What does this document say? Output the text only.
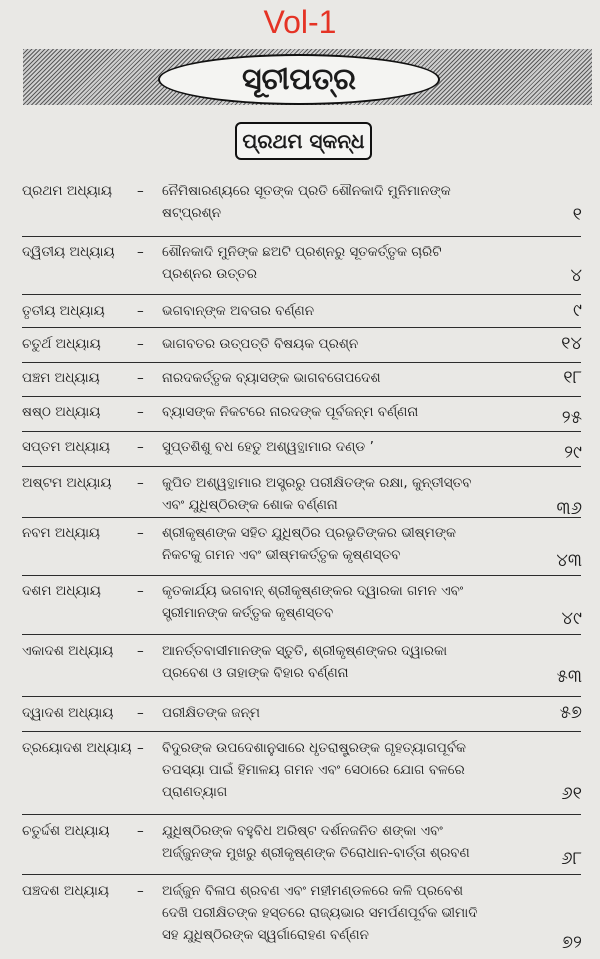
Vol-1
ସୂଚୀପତ୍ର
ପ୍ରଥମ ସ୍କନ୍ଧ
ପ୍ରଥମ ଅଧ୍ୟାୟ – ନୈମିଷାରଣ୍ୟରେ ସୂତଙ୍କ ପ୍ରତି ଶୌନକାଦି ମୁନିମାନଙ୍କ ଷଟ୍‌ପ୍ରଶ୍ନ	୧
ଦ୍ୱିତୀୟ ଅଧ୍ୟାୟ – ଶୌନକାଦି ମୁନିଙ୍କ ଛଅଟି ପ୍ରଶ୍ନରୁ ସୂତକର୍ତ୍ତୃକ ଚାରିଟି ପ୍ରଶ୍ନର ଉତ୍ତର	୪
ତୃତୀୟ ଅଧ୍ୟାୟ – ଭଗବାନ୍‌ଙ୍କ ଅବତାର ବର୍ଣ୍ଣନ	୯
ଚତୁର୍ଥ ଅଧ୍ୟାୟ	– ଭାଗବତର ଉତ୍ପତ୍ତି ବିଷୟକ ପ୍ରଶ୍ନ	୧୪
ପଞ୍ଚମ ଅଧ୍ୟାୟ	– ନାରଦକର୍ତ୍ତୃକ ବ୍ୟାସଙ୍କ ଭାଗବତୋପଦେଶ	୧୮
ଷଷ୍ଠ ଅଧ୍ୟାୟ	– ବ୍ୟାସଙ୍କ ନିକଟରେ ନାରଦଙ୍କ ପୂର୍ବଜନ୍ମ ବର୍ଣ୍ଣନା	୨୫
ସପ୍ତମ ଅଧ୍ୟାୟ – ସୁପ୍ତଶିଶୁ ବଧ ହେତୁ ଅଶ୍ୱତ୍ଥାମାର ଦଣ୍ଡ ’	୨୯
ଅଷ୍ଟମ ଅଧ୍ୟାୟ – କୁପିତ ଅଶ୍ୱତ୍ଥାମାର ଅସ୍ତ୍ରରୁ ପରୀକ୍ଷିତଙ୍କ ରକ୍ଷା, କୁନ୍ତୀସ୍ତବ ଏବଂ ଯୁଧିଷ୍ଠିରଙ୍କ ଶୋକ ବର୍ଣ୍ଣନା	୩୬
ନବମ ଅଧ୍ୟାୟ	– ଶ୍ରୀକୃଷ୍ଣଙ୍କ ସହିତ ଯୁଧିଷ୍ଠିର ପ୍ରଭୃତିଙ୍କର ଭୀଷ୍ମଙ୍କ ନିକଟକୁ ଗମନ ଏବଂ ଭୀଷ୍ମକର୍ତ୍ତୃକ କୃଷ୍ଣସ୍ତବ	୪୩
ଦଶମ ଅଧ୍ୟାୟ	– କୃତକାର୍ଯ୍ୟ ଭଗବାନ୍ ଶ୍ରୀକୃଷ୍ଣଙ୍କର ଦ୍ୱାରକା ଗମନ ଏବଂ ସ୍ତ୍ରୀମାନଙ୍କ କର୍ତ୍ତୃକ କୃଷ୍ଣସ୍ତବ	୪୯
ଏକାଦଶ ଅଧ୍ୟାୟ – ଆନର୍ତ୍ତବାସୀମାନଙ୍କ ସ୍ତୁତି, ଶ୍ରୀକୃଷ୍ଣଙ୍କର ଦ୍ୱାରକା ପ୍ରବେଶ ଓ ତାହାଙ୍କ ବିହାର ବର୍ଣ୍ଣନା	୫୩
ଦ୍ୱାଦଶ ଅଧ୍ୟାୟ – ପରୀକ୍ଷିତଙ୍କ ଜନ୍ମ	୫୭
ତ୍ରୟୋଦଶ ଅଧ୍ୟାୟ – ବିଦୁରଙ୍କ ଉପଦେଶାନୁସାରେ ଧୃତରାଷ୍ଟ୍ରଙ୍କ ଗୃହତ୍ୟାଗପୂର୍ବକ ତପସ୍ୟା ପାଇଁ ହିମାଳୟ ଗମନ ଏବଂ ସେଠାରେ ଯୋଗ ବଳରେ ପ୍ରାଣତ୍ୟାଗ	୬୧
ଚତୁର୍ଦ୍ଦଶ ଅଧ୍ୟାୟ – ଯୁଧିଷ୍ଠିରଙ୍କ ବହୁବିଧ ଅରିଷ୍ଟ ଦର୍ଶନଜନିତ ଶଙ୍କା ଏବଂ ଅର୍ଜ୍ଜୁନଙ୍କ ମୁଖରୁ ଶ୍ରୀକୃଷ୍ଣଙ୍କ ତିରୋଧାନ-ବାର୍ତ୍ତା ଶ୍ରବଣ	୬୮
ପଞ୍ଚଦଶ ଅଧ୍ୟାୟ – ଅର୍ଜ୍ଜୁନ ବିଳାପ ଶ୍ରବଣ ଏବଂ ମହୀମଣ୍ଡଳରେ କଳି ପ୍ରବେଶ ଦେଖି ପରୀକ୍ଷିତଙ୍କ ହସ୍ତରେ ରାଜ୍ୟଭାର ସମର୍ପଣପୂର୍ବକ ଭୀମାଦି ସହ ଯୁଧିଷ୍ଠିରଙ୍କ ସ୍ୱର୍ଗାରୋହଣ ବର୍ଣ୍ଣନ	୭୨
